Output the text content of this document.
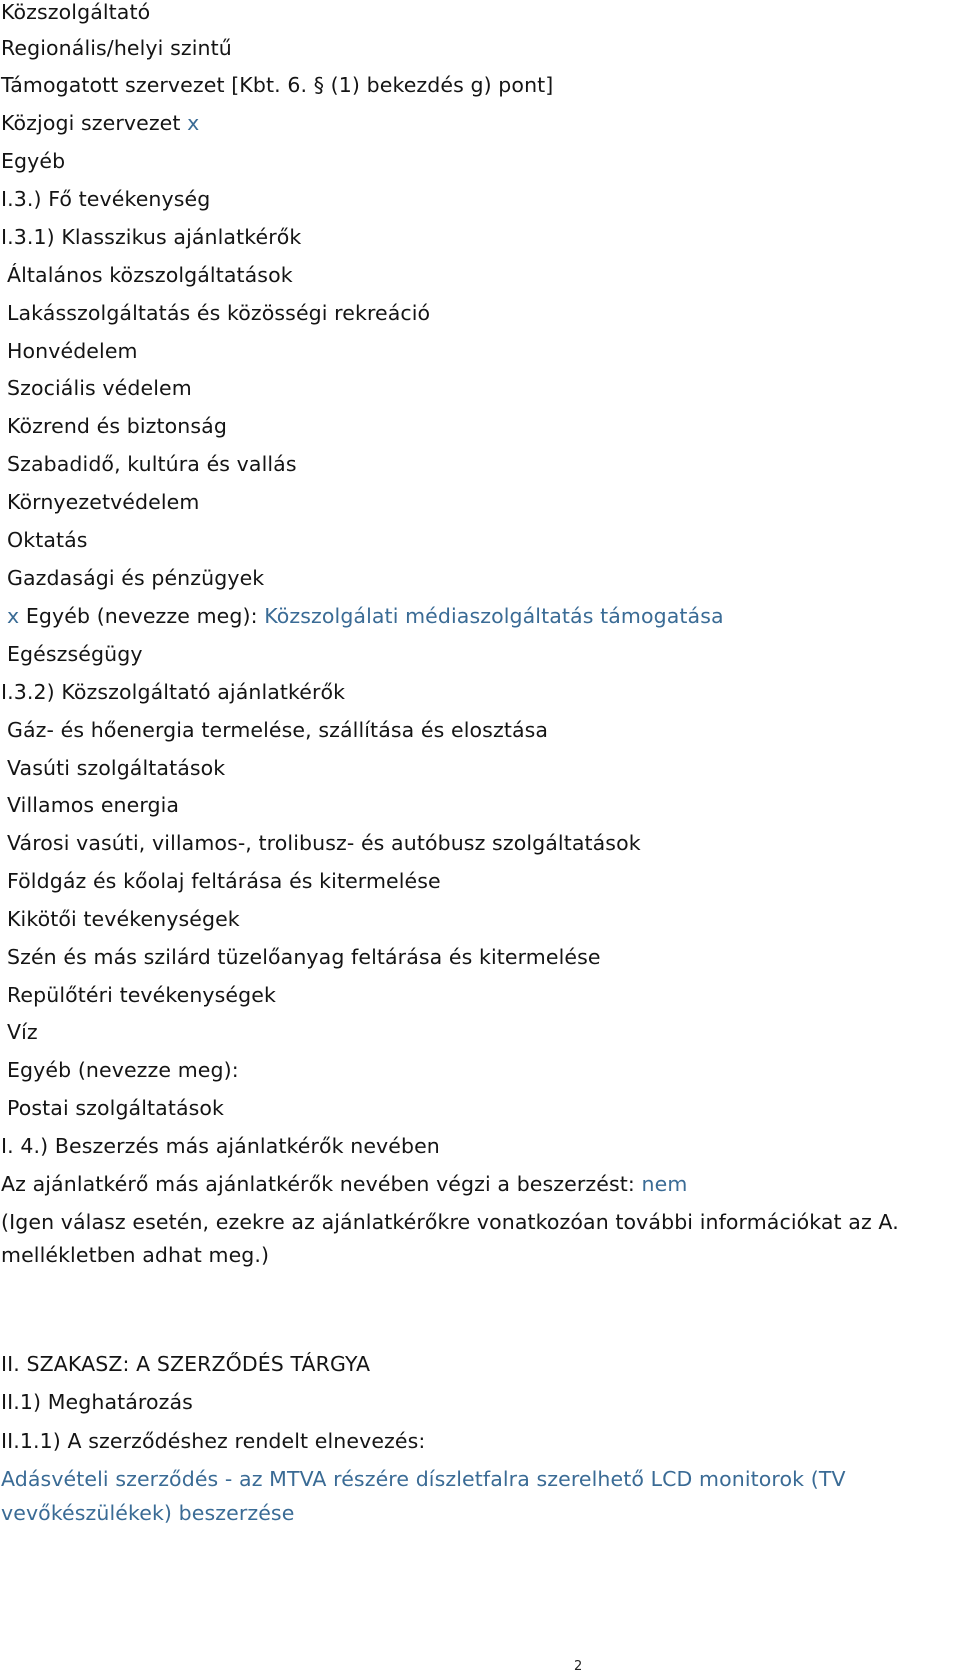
Közszolgáltató
Regionális/helyi szintű
Támogatott szervezet [Kbt. 6. § (1) bekezdés g) pont]
Közjogi szervezet x
Egyéb
I.3.) Fő tevékenység
I.3.1) Klasszikus ajánlatkérők
Általános közszolgáltatások
Lakásszolgáltatás és közösségi rekreáció
Honvédelem
Szociális védelem
Közrend és biztonság
Szabadidő, kultúra és vallás
Környezetvédelem
Oktatás
Gazdasági és pénzügyek
x Egyéb (nevezze meg): Közszolgálati médiaszolgáltatás támogatása
Egészségügy
I.3.2) Közszolgáltató ajánlatkérők
Gáz- és hőenergia termelése, szállítása és elosztása
Vasúti szolgáltatások
Villamos energia
Városi vasúti, villamos-, trolibusz- és autóbusz szolgáltatások
Földgáz és kőolaj feltárása és kitermelése
Kikötői tevékenységek
Szén és más szilárd tüzelőanyag feltárása és kitermelése
Repülőtéri tevékenységek
Víz
Egyéb (nevezze meg):
Postai szolgáltatások
I. 4.) Beszerzés más ajánlatkérők nevében
Az ajánlatkérő más ajánlatkérők nevében végzi a beszerzést: nem
(Igen válasz esetén, ezekre az ajánlatkérőkre vonatkozóan további információkat az A.
mellékletben adhat meg.)
II. SZAKASZ: A SZERZŐDÉS TÁRGYA
II.1) Meghatározás
II.1.1) A szerződéshez rendelt elnevezés:
Adásvételi szerződés - az MTVA részére díszletfalra szerelhető LCD monitorok (TV
vevőkészülékek) beszerzése
2
